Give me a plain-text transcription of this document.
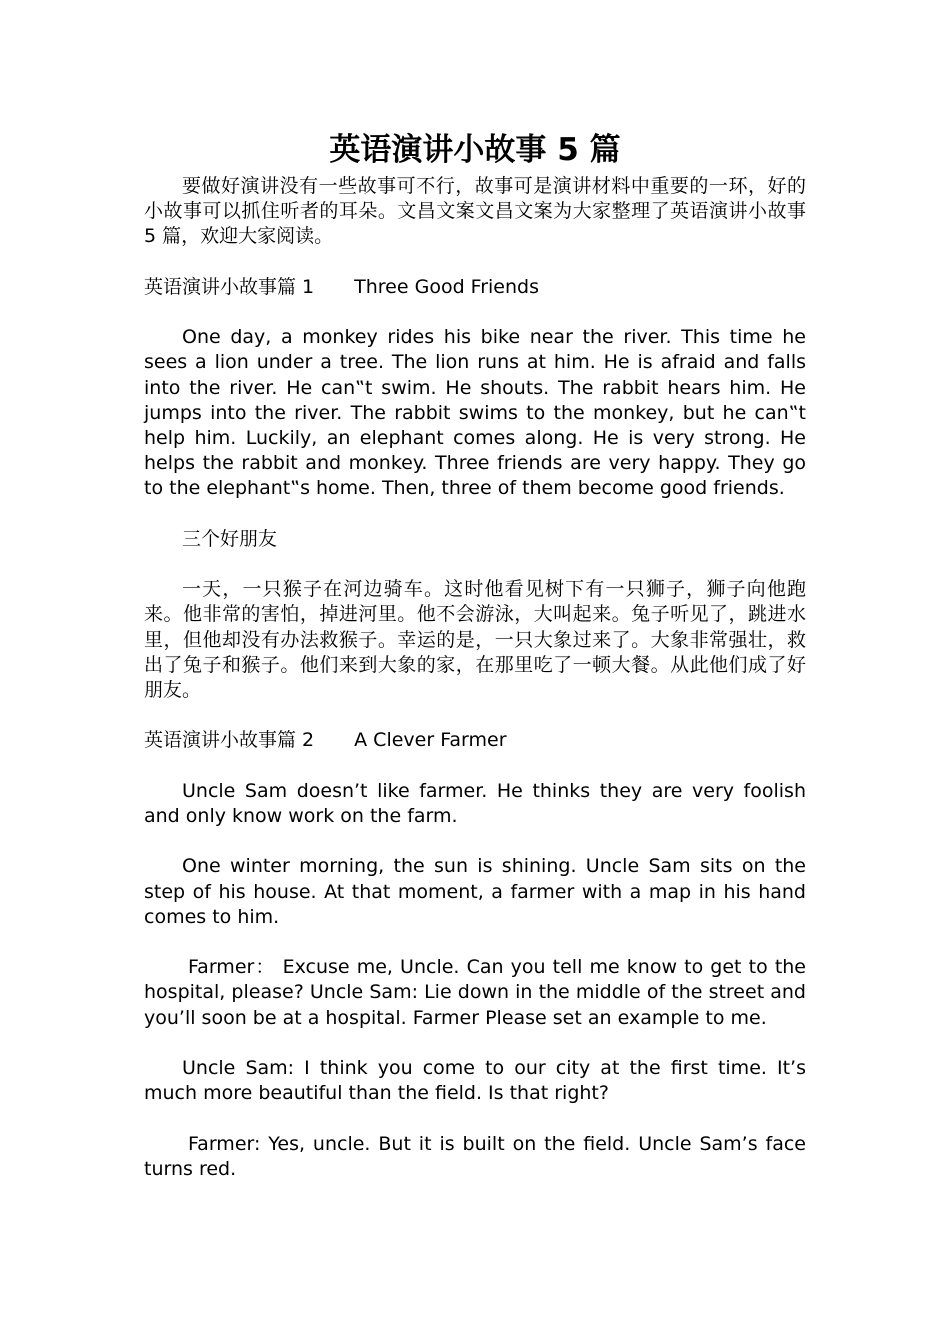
英语演讲小故事 5 篇

要做好演讲没有一些故事可不行，故事可是演讲材料中重要的一环，好的小故事可以抓住听者的耳朵。文昌文案文昌文案为大家整理了英语演讲小故事 5 篇，欢迎大家阅读。

英语演讲小故事篇 1 Three Good Friends

One day, a monkey rides his bike near the river. This time he sees a lion under a tree. The lion runs at him. He is afraid and falls into the river. He can‟t swim. He shouts. The rabbit hears him. He jumps into the river. The rabbit swims to the monkey, but he can‟t help him. Luckily, an elephant comes along. He is very strong. He helps the rabbit and monkey. Three friends are very happy. They go to the elephant‟s home. Then, three of them become good friends.

三个好朋友

一天，一只猴子在河边骑车。这时他看见树下有一只狮子，狮子向他跑来。他非常的害怕，掉进河里。他不会游泳，大叫起来。兔子听见了，跳进水里，但他却没有办法救猴子。幸运的是，一只大象过来了。大象非常强壮，救出了兔子和猴子。他们来到大象的家，在那里吃了一顿大餐。从此他们成了好朋友。

英语演讲小故事篇 2 A Clever Farmer

Uncle Sam doesn’t like farmer. He thinks they are very foolish and only know work on the farm.

One winter morning, the sun is shining. Uncle Sam sits on the step of his house. At that moment, a farmer with a map in his hand comes to him.

Farmer： Excuse me, Uncle. Can you tell me know to get to the hospital, please? Uncle Sam: Lie down in the middle of the street and you’ll soon be at a hospital. Farmer Please set an example to me.

Uncle Sam: I think you come to our city at the first time. It’s much more beautiful than the field. Is that right?

Farmer: Yes, uncle. But it is built on the field. Uncle Sam’s face turns red.
